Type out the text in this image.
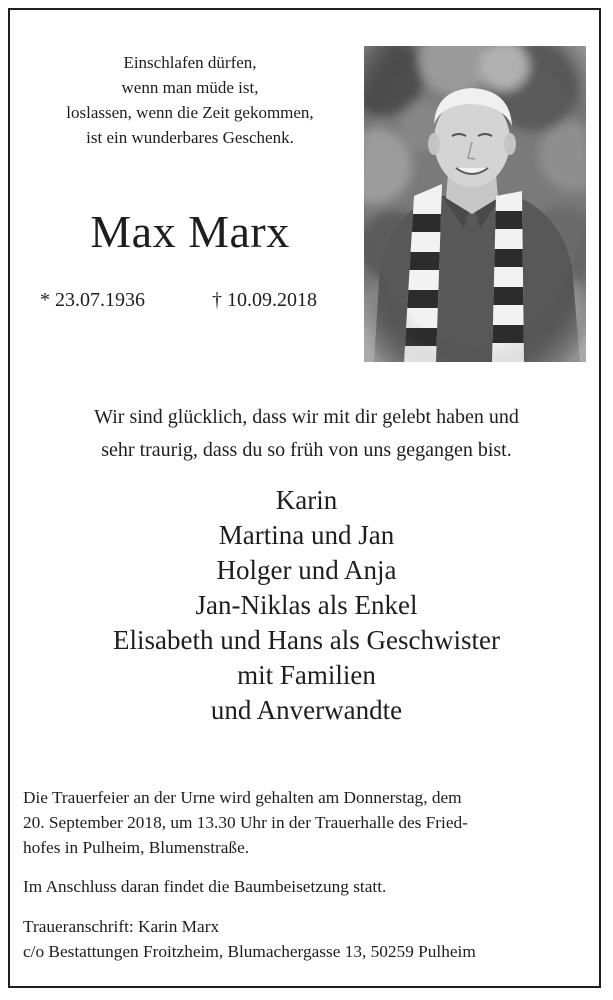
Einschlafen dürfen,
wenn man müde ist,
loslassen, wenn die Zeit gekommen,
ist ein wunderbares Geschenk.
Max Marx
* 23.07.1936	† 10.09.2018
Wir sind glücklich, dass wir mit dir gelebt haben und
sehr traurig, dass du so früh von uns gegangen bist.
Karin
Martina und Jan
Holger und Anja
Jan-Niklas als Enkel
Elisabeth und Hans als Geschwister
mit Familien
und Anverwandte
Die Trauerfeier an der Urne wird gehalten am Donnerstag, dem
20. September 2018, um 13.30 Uhr in der Trauerhalle des Fried-
hofes in Pulheim, Blumenstraße.
Im Anschluss daran findet die Baumbeisetzung statt.
Traueranschrift: Karin Marx
c/o Bestattungen Froitzheim, Blumachergasse 13, 50259 Pulheim
